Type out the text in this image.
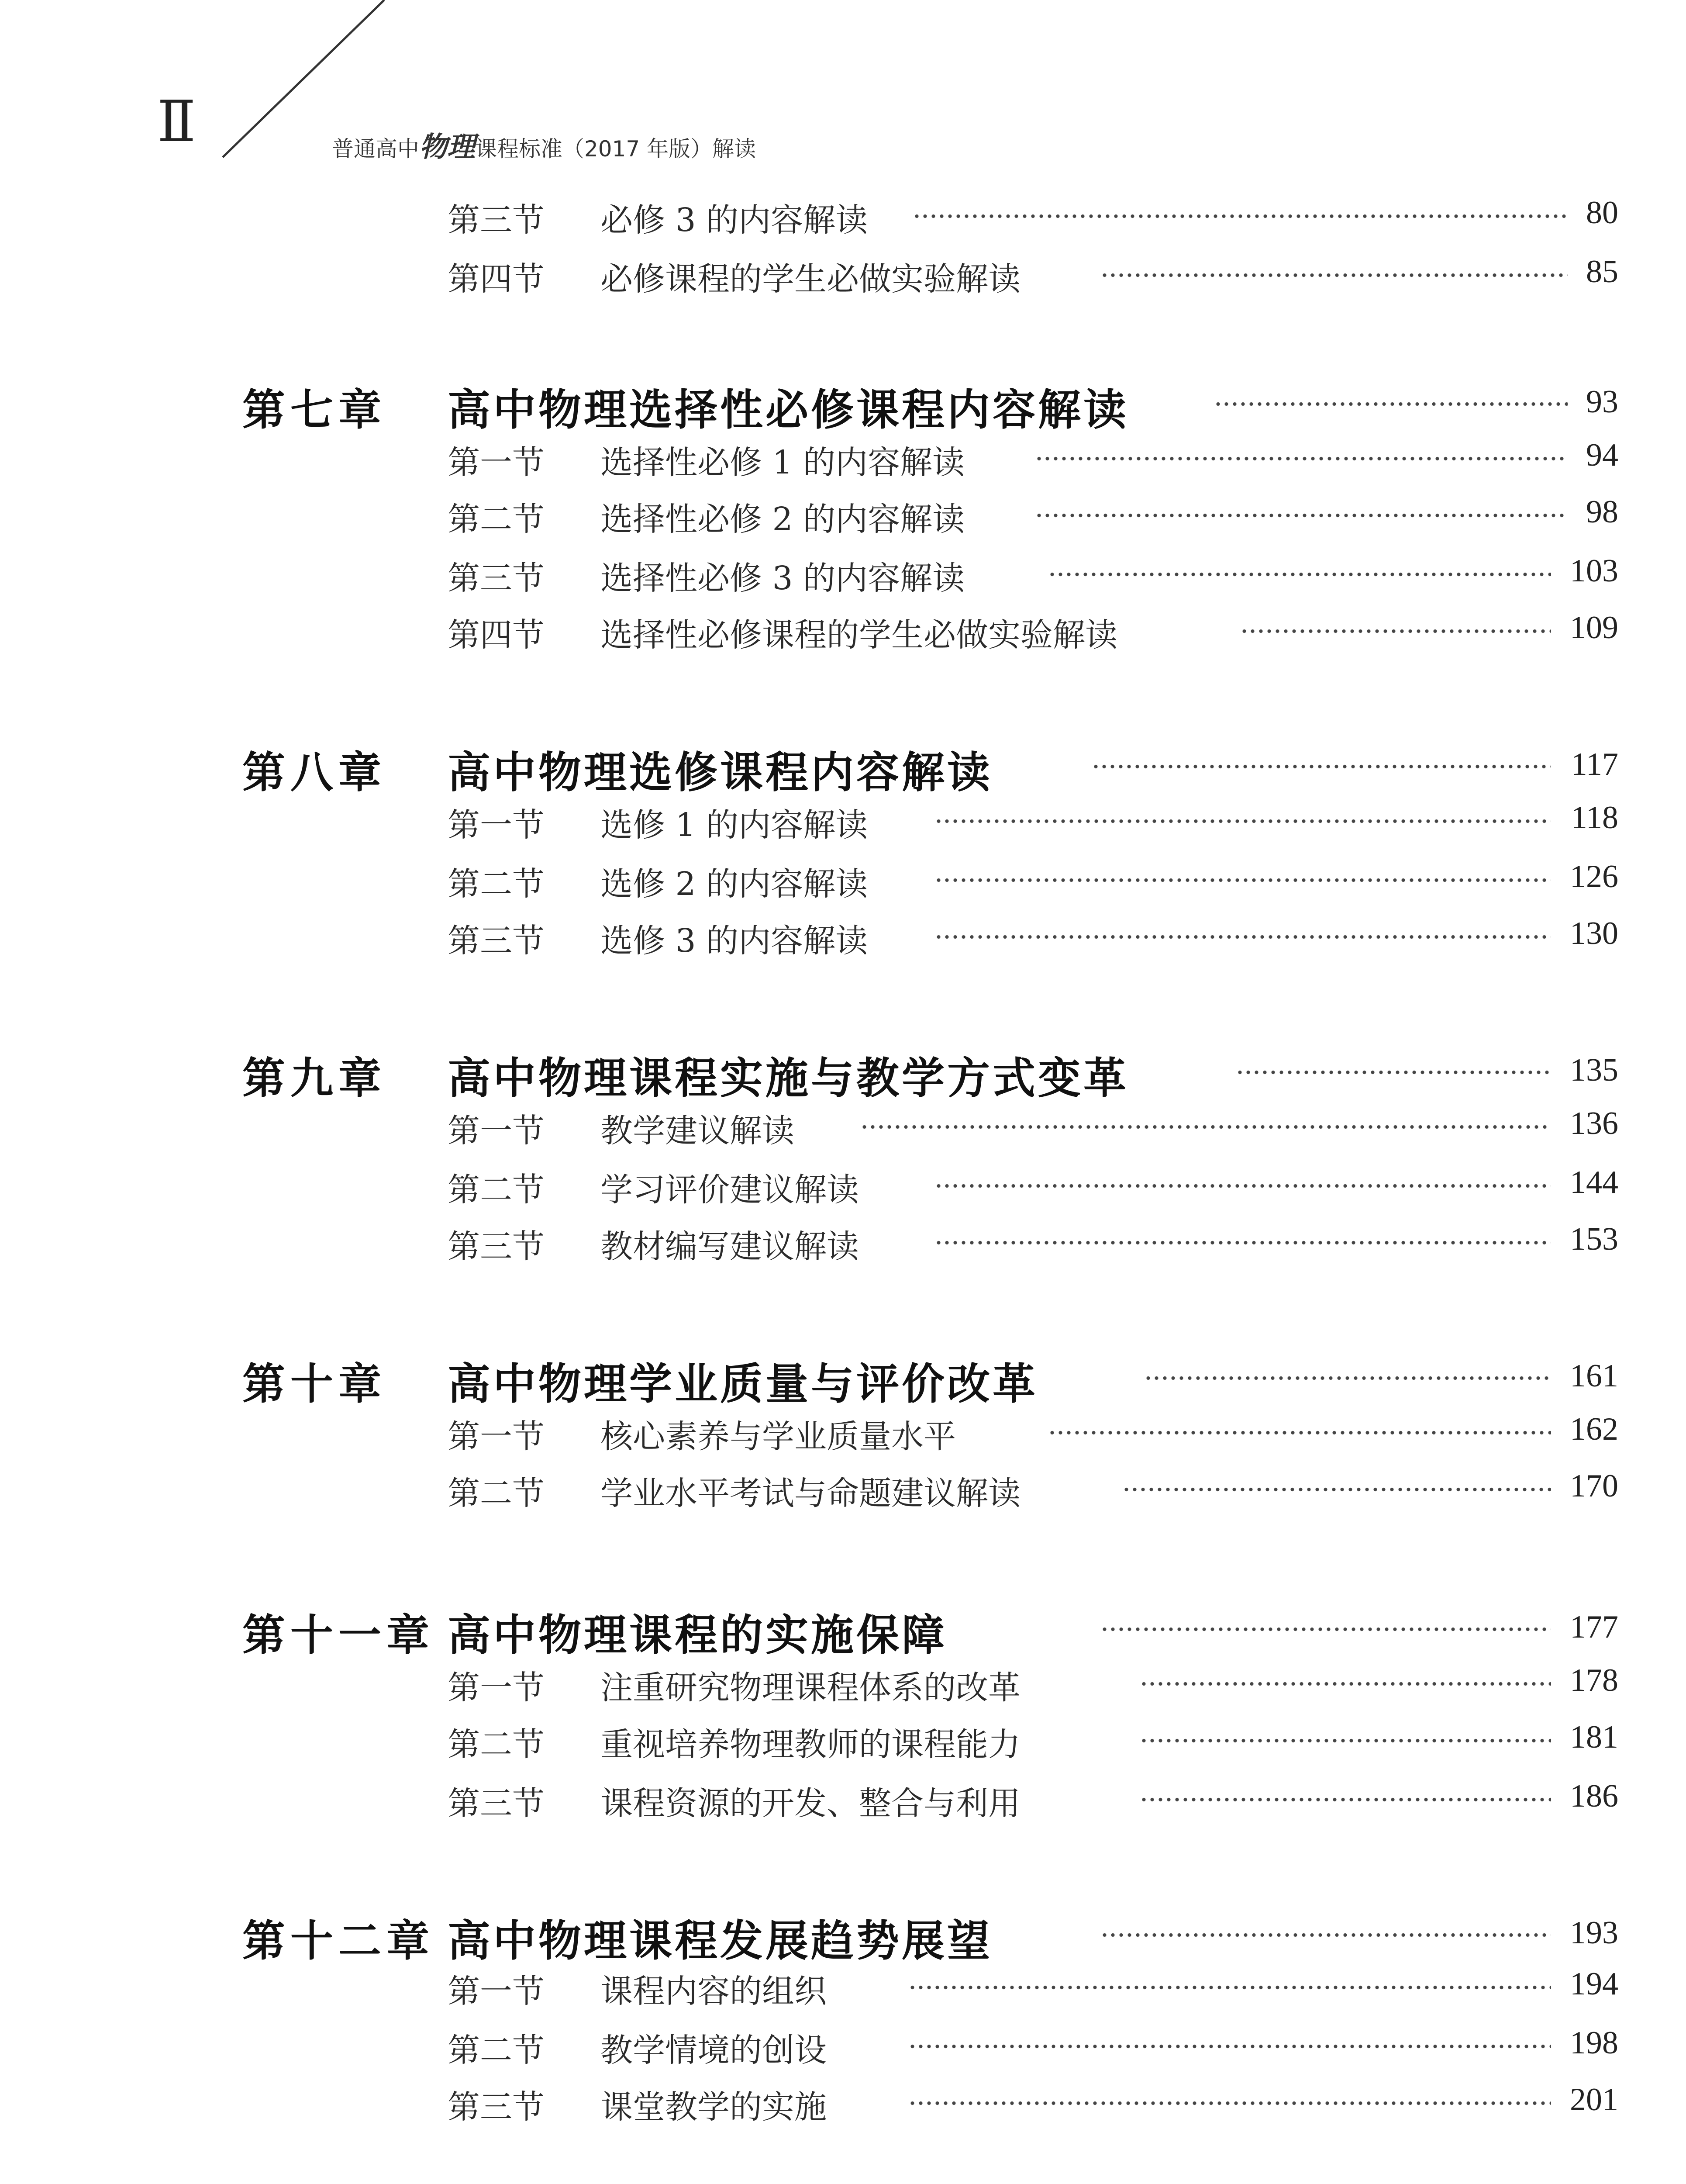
Ⅱ	普通高中物理课程标准（2017 年版）解读
第三节 必修 3 的内容解读	80
第四节 必修课程的学生必做实验解读	85
第七章 高中物理选择性必修课程内容解读	93
第一节 选择性必修 1 的内容解读	94
第二节 选择性必修 2 的内容解读	98
第三节 选择性必修 3 的内容解读	103
第四节 选择性必修课程的学生必做实验解读	109
第八章 高中物理选修课程内容解读	117
第一节 选修 1 的内容解读	118
第二节 选修 2 的内容解读	126
第三节 选修 3 的内容解读	130
第九章 高中物理课程实施与教学方式变革	135
第一节 教学建议解读	136
第二节 学习评价建议解读	144
第三节 教材编写建议解读	153
第十章 高中物理学业质量与评价改革	161
第一节 核心素养与学业质量水平	162
第二节 学业水平考试与命题建议解读	170
第十一章 高中物理课程的实施保障	177
第一节 注重研究物理课程体系的改革	178
第二节 重视培养物理教师的课程能力	181
第三节 课程资源的开发、整合与利用	186
第十二章 高中物理课程发展趋势展望	193
第一节 课程内容的组织	194
第二节 教学情境的创设	198
第三节 课堂教学的实施	201
